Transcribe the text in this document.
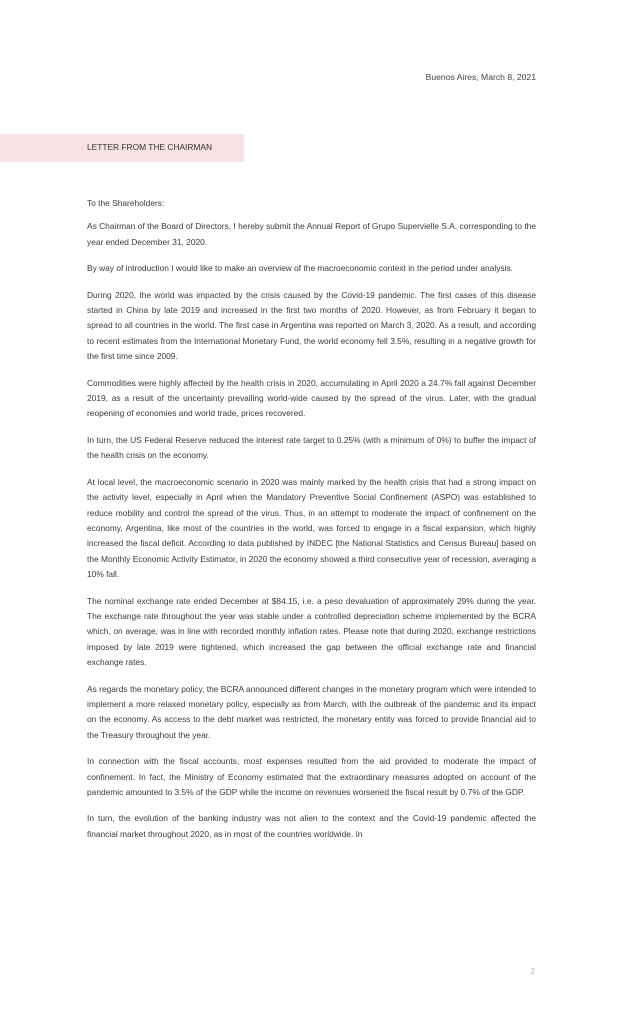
Buenos Aires, March 8, 2021
LETTER FROM THE CHAIRMAN

To the Shareholders:

As Chairman of the Board of Directors, I hereby submit the Annual Report of Grupo Supervielle S.A. corresponding to the year ended December 31, 2020.

By way of introduction I would like to make an overview of the macroeconomic context in the period under analysis.

During 2020, the world was impacted by the crisis caused by the Covid-19 pandemic. The first cases of this disease started in China by late 2019 and increased in the first two months of 2020. However, as from February it began to spread to all countries in the world. The first case in Argentina was reported on March 3, 2020. As a result, and according to recent estimates from the International Monetary Fund, the world economy fell 3.5%, resulting in a negative growth for the first time since 2009.

Commodities were highly affected by the health crisis in 2020, accumulating in April 2020 a 24.7% fall against December 2019, as a result of the uncertainty prevailing world-wide caused by the spread of the virus. Later, with the gradual reopening of economies and world trade, prices recovered.

In turn, the US Federal Reserve reduced the interest rate target to 0.25% (with a minimum of 0%) to buffer the impact of the health crisis on the economy.

At local level, the macroeconomic scenario in 2020 was mainly marked by the health crisis that had a strong impact on the activity level, especially in April when the Mandatory Preventive Social Confinement (ASPO) was established to reduce mobility and control the spread of the virus. Thus, in an attempt to moderate the impact of confinement on the economy, Argentina, like most of the countries in the world, was forced to engage in a fiscal expansion, which highly increased the fiscal deficit. According to data published by INDEC [the National Statistics and Census Bureau] based on the Monthly Economic Activity Estimator, in 2020 the economy showed a third consecutive year of recession, averaging a 10% fall.

The nominal exchange rate ended December at $84.15, i.e. a peso devaluation of approximately 29% during the year. The exchange rate throughout the year was stable under a controlled depreciation scheme implemented by the BCRA which, on average, was in line with recorded monthly inflation rates. Please note that during 2020, exchange restrictions imposed by late 2019 were tightened, which increased the gap between the official exchange rate and financial exchange rates.

As regards the monetary policy, the BCRA announced different changes in the monetary program which were intended to implement a more relaxed monetary policy, especially as from March, with the outbreak of the pandemic and its impact on the economy. As access to the debt market was restricted, the monetary entity was forced to provide financial aid to the Treasury throughout the year.

In connection with the fiscal accounts, most expenses resulted from the aid provided to moderate the impact of confinement. In fact, the Ministry of Economy estimated that the extraordinary measures adopted on account of the pandemic amounted to 3.5% of the GDP while the income on revenues worsened the fiscal result by 0.7% of the GDP.

In turn, the evolution of the banking industry was not alien to the context and the Covid-19 pandemic affected the financial market throughout 2020, as in most of the countries worldwide. In

2
